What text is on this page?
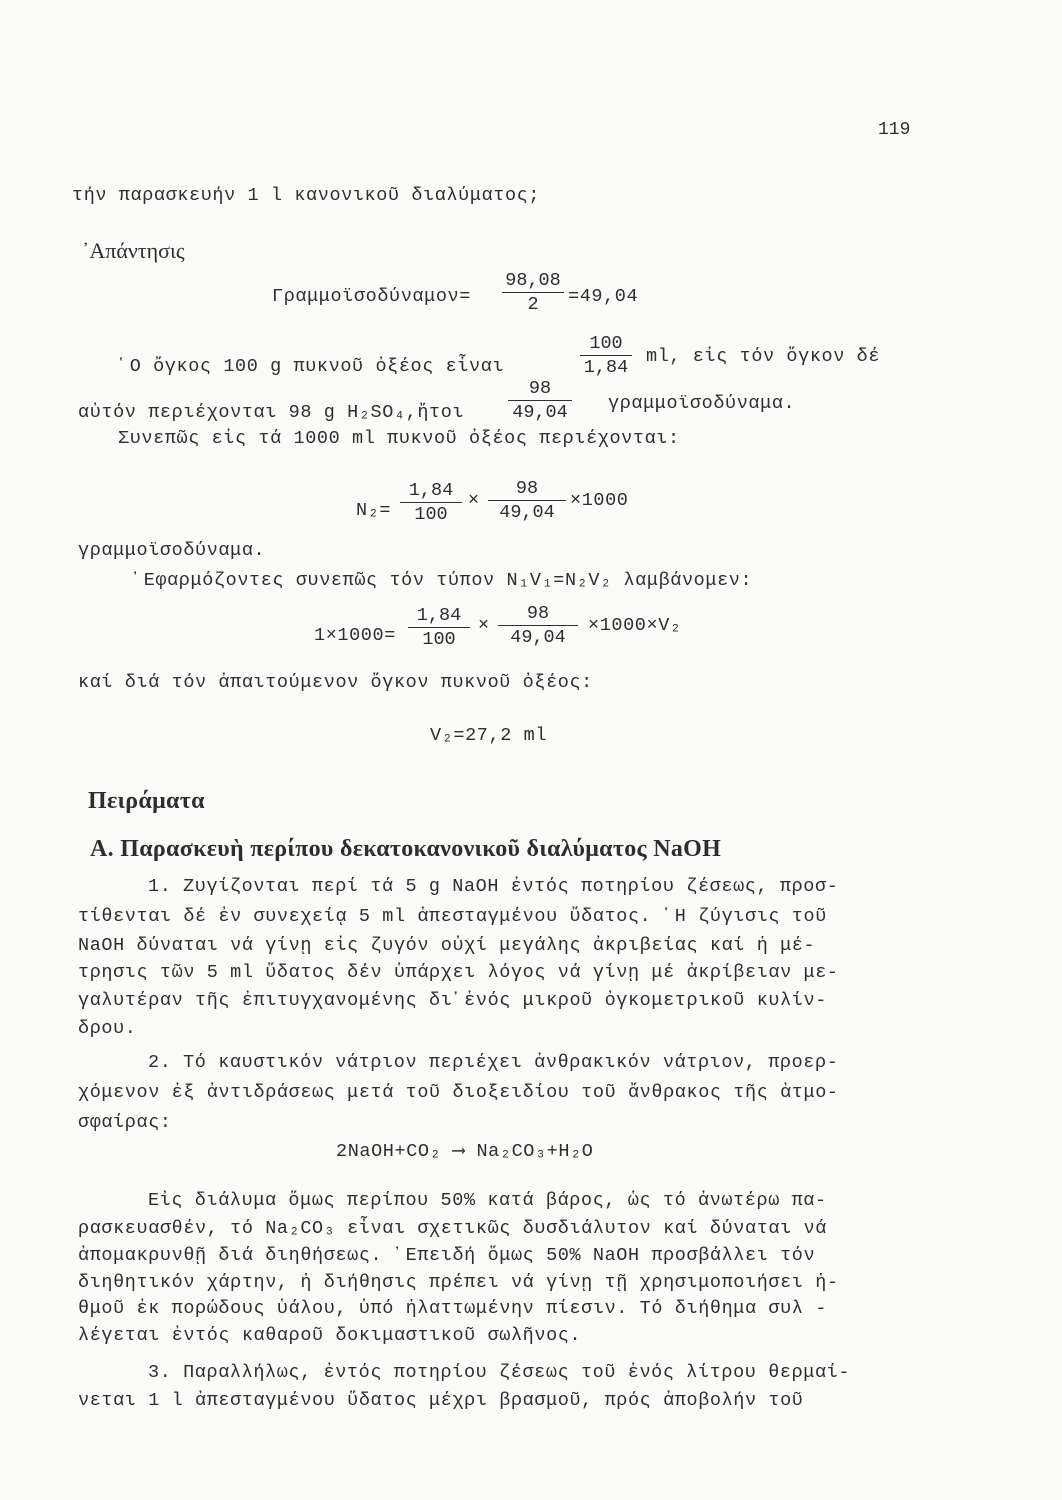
119
τήν παρασκευήν 1 l κανονικοῦ διαλύματος;
᾿Απάντησις
$\Gamma\rho\alpha\mu\mu oϊ\sigma o\delta ύ\nu\alpha\mu o\nu= \frac{98,08}{2} =49,04$
῾Ο ὄγκος 100 g πυκνοῦ ὀξέος εἶναι	$\frac{100}{1,84}$ ml, εἰς τόν ὄγκον δέ
αὐτόν περιέχονται 98 g H₂SO₄,ἤτοι $\frac{98}{49,04} \gamma\rho\alpha\mu\mu oϊ\sigma o\delta ύ\nu\alpha\mu\alpha$.
Συνεπῶς εἰς τά 1000 ml πυκνοῦ ὀξέος περιέχονται:
$N_2= \frac{1,84}{100} \times \frac{98}{49,04} \times 1000$
γραμμοϊσοδύναμα.
᾿Εφαρμόζοντες συνεπῶς τόν τύπον N₁V₁=N₂V₂ λαμβάνομεν:
$1\times 1000= \frac{1,84}{100} \times \frac{98}{49,04} \times 1000\times V_2$
καί διά τόν ἀπαιτούμενον ὄγκον πυκνοῦ ὀξέος:
V₂=27,2 ml
Πειράματα
Α. Παρασκευὴ περίπου δεκατοκανονικοῦ διαλύματος NaOH
1. Ζυγίζονται περί τά 5 g NaOH ἐντός ποτηρίου ζέσεως, προσ-
τίθενται δέ ἐν συνεχείᾳ 5 ml ἀπεσταγμένου ὕδατος. ῾Η ζύγισις τοῦ
NaOH δύναται νά γίνῃ εἰς ζυγόν οὐχί μεγάλης ἀκριβείας καί ἡ μέ-
τρησις τῶν 5 ml ὕδατος δέν ὑπάρχει λόγος νά γίνῃ μέ ἀκρίβειαν με-
γαλυτέραν τῆς ἐπιτυγχανομένης δι᾿ἑνός μικροῦ ὀγκομετρικοῦ κυλίν-
δρου.
2. Τό καυστικόν νάτριον περιέχει ἀνθρακικόν νάτριον, προερ-
χόμενον ἐξ ἀντιδράσεως μετά τοῦ διοξειδίου τοῦ ἄνθρακος τῆς ἀτμο-
σφαίρας:
2NaOH+CO₂ ⟶ Na₂CO₃+H₂O
Εἰς διάλυμα ὅμως περίπου 50% κατά βάρος, ὡς τό ἀνωτέρω πα-
ρασκευασθέν, τό Na₂CO₃ εἶναι σχετικῶς δυσδιάλυτον καί δύναται νά
ἀπομακρυνθῇ διά διηθήσεως. ᾿Επειδή ὅμως 50% NaOH προσβάλλει τόν
διηθητικόν χάρτην, ἡ διήθησις πρέπει νά γίνῃ τῇ χρησιμοποιήσει ἡ-
θμοῦ ἐκ πορώδους ὑάλου, ὑπό ἠλαττωμένην πίεσιν. Τό διήθημα συλ -
λέγεται ἐντός καθαροῦ δοκιμαστικοῦ σωλῆνος.
3. Παραλλήλως, ἐντός ποτηρίου ζέσεως τοῦ ἑνός λίτρου θερμαί-
νεται 1 l ἀπεσταγμένου ὕδατος μέχρι βρασμοῦ, πρός ἀποβολήν τοῦ
